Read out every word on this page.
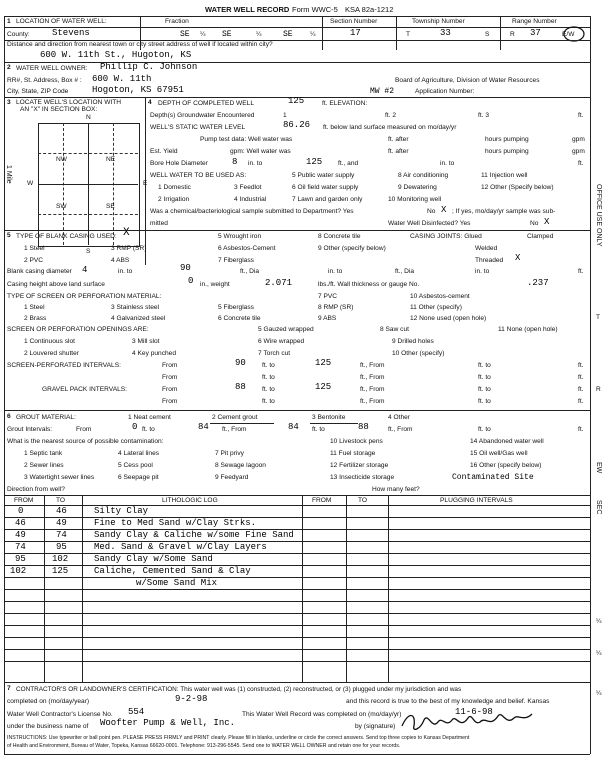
WATER WELL RECORD Form WWC-5 KSA 82a-1212
1 LOCATION OF WATER WELL:	Fraction	Section Number	Township Number	Range Number
County: Stevens	SE ¼ SE	¼	SE	¼	17	T	33	S	R 37	E/W
Distance and direction from nearest town or city street address of well if located within city?
600 W. 11th St., Hugoton, KS
2 WATER WELL OWNER: Phillip C. Johnson
RR#, St. Address, Box # : 600 W. 11th	Board of Agriculture, Division of Water Resources
City, State, ZIP Code	Hogoton, KS 67951	MW #2	Application Number:
3 LOCATE WELL'S LOCATION WITH
AN "X" IN SECTION BOX:
N
S
W	E
1 Mile
NW	NE
SW	SE
X
4 DEPTH OF COMPLETED WELL	125	ft. ELEVATION:
Depth(s) Groundwater Encountered	1	ft. 2	ft. 3	ft.
WELL'S STATIC WATER LEVEL	86.26 ft. below land surface measured on mo/day/yr
Pump test data: Well water was	ft. after	hours pumping	gpm
Est. Yield	gpm: Well water was	ft. after	hours pumping	gpm
Bore Hole Diameter	8 in. to	125 ft., and	in. to	ft.
WELL WATER TO BE USED AS:	5 Public water supply	8 Air conditioning	11 Injection well
1 Domestic	3 Feedlot	6 Oil field water supply	9 Dewatering	12 Other (Specify below)
2 Irrigation	4 Industrial	7 Lawn and garden only	10 Monitoring well
Was a chemical/bacteriological sample submitted to Department? Yes	No X ; If yes, mo/day/yr sample was sub-
mitted	Water Well Disinfected? Yes	No X
5 TYPE OF BLANK CASING USED:	5 Wrought iron	8 Concrete tile	CASING JOINTS: Glued	Clamped
1 Steel	3 RMP (SR)	6 Asbestos-Cement	9 Other (specify below)	Welded
2 PVC	4 ABS	7 Fiberglass	Threaded X
Blank casing diameter 4	in. to	90	ft., Dia	in. to	ft., Dia	in. to	ft.
Casing height above land surface	0 in., weight	2.071	lbs./ft. Wall thickness or gauge No.	.237
TYPE OF SCREEN OR PERFORATION MATERIAL:	7 PVC	10 Asbestos-cement
1 Steel	3 Stainless steel	5 Fiberglass	8 RMP (SR)	11 Other (specify)
2 Brass	4 Galvanized steel	6 Concrete tile	9 ABS	12 None used (open hole)
SCREEN OR PERFORATION OPENINGS ARE:	5 Gauzed wrapped	8 Saw cut	11 None (open hole)
1 Continuous slot	3 Mill slot	6 Wire wrapped	9 Drilled holes
2 Louvered shutter	4 Key punched	7 Torch cut	10 Other (specify)
SCREEN-PERFORATED INTERVALS:	From	90 ft. to	125	ft., From	ft. to	ft.
From	ft. to	ft., From	ft. to	ft.
GRAVEL PACK INTERVALS:	From	88 ft. to	125	ft., From	ft. to	ft.
From	ft. to	ft., From	ft. to	ft.
6 GROUT MATERIAL:	1 Neat cement	2 Cement grout	3 Bentonite	4 Other
Grout Intervals:	From	0 ft. to	84 ft., From	84 ft. to	88	ft., From	ft. to	ft.
What is the nearest source of possible contamination:	10 Livestock pens	14 Abandoned water well
1 Septic tank	4 Lateral lines	7 Pit privy	11 Fuel storage	15 Oil well/Gas well
2 Sewer lines	5 Cess pool	8 Sewage lagoon	12 Fertilizer storage	16 Other (specify below)
3 Watertight sewer lines	6 Seepage pit	9 Feedyard	13 Insecticide storage	Contaminated Site
Direction from well?	How many feet?
FROM	TO	LITHOLOGIC LOG	FROM	TO	PLUGGING INTERVALS
0	46	Silty Clay
46	49	Fine to Med Sand w/Clay Strks.
49	74	Sandy Clay & Caliche w/some Fine Sand
74	95	Med. Sand & Gravel w/Clay Layers
95	102	Sandy Clay w/Some Sand
102	125	Caliche, Cemented Sand & Clay
w/Some Sand Mix
7 CONTRACTOR'S OR LANDOWNER'S CERTIFICATION: This water well was (1) constructed, (2) reconstructed, or (3) plugged under my jurisdiction and was
completed on (mo/day/year)	9-2-98	and this record is true to the best of my knowledge and belief. Kansas
Water Well Contractor's License No. 554	This Water Well Record was completed on (mo/day/yr)	11-6-98
under the business name of Woofter Pump & Well, Inc.	by (signature)
INSTRUCTIONS: Use typewriter or ball point pen. PLEASE PRESS FIRMLY and PRINT clearly. Please fill in blanks, underline or circle the correct answers. Send top three copies to Kansas Department
of Health and Environment, Bureau of Water, Topeka, Kansas 66620-0001. Telephone: 913-296-5545. Send one to WATER WELL OWNER and retain one for your records.
OFFICE USE ONLY
T
R
EW
SEC
¼
¼
¼
